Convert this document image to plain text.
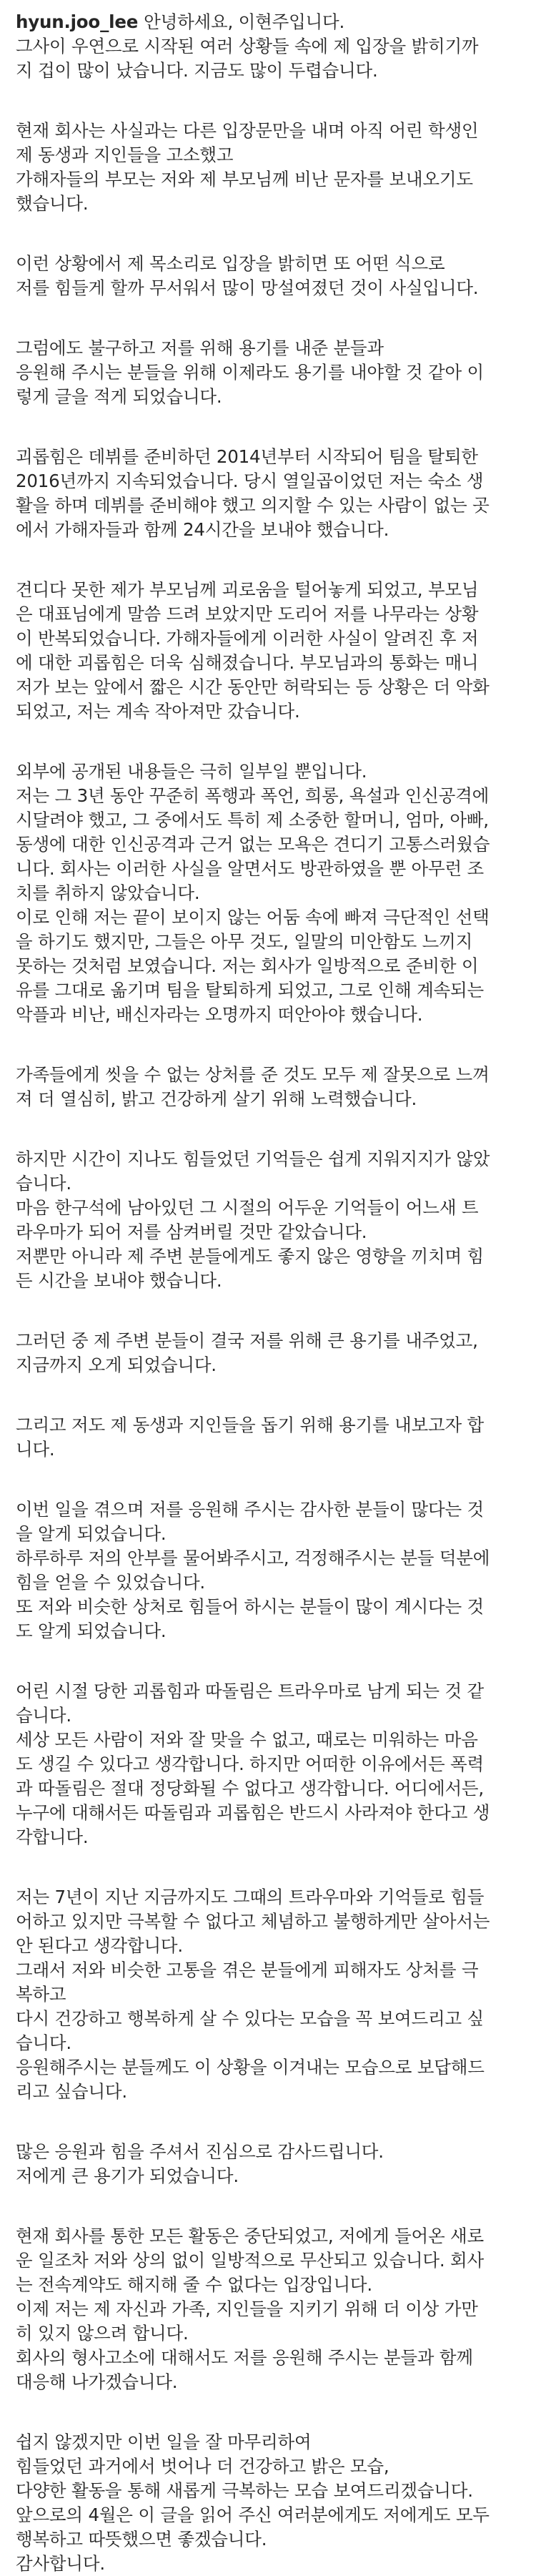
hyun.joo_lee 안녕하세요, 이현주입니다.
그사이 우연으로 시작된 여러 상황들 속에 제 입장을 밝히기까
지 겁이 많이 났습니다. 지금도 많이 두렵습니다.
현재 회사는 사실과는 다른 입장문만을 내며 아직 어린 학생인
제 동생과 지인들을 고소했고
가해자들의 부모는 저와 제 부모님께 비난 문자를 보내오기도
했습니다.
이런 상황에서 제 목소리로 입장을 밝히면 또 어떤 식으로
저를 힘들게 할까 무서워서 많이 망설여졌던 것이 사실입니다.
그럼에도 불구하고 저를 위해 용기를 내준 분들과
응원해 주시는 분들을 위해 이제라도 용기를 내야할 것 같아 이
렇게 글을 적게 되었습니다.
괴롭힘은 데뷔를 준비하던 2014년부터 시작되어 팀을 탈퇴한
2016년까지 지속되었습니다. 당시 열일곱이었던 저는 숙소 생
활을 하며 데뷔를 준비해야 했고 의지할 수 있는 사람이 없는 곳
에서 가해자들과 함께 24시간을 보내야 했습니다.
견디다 못한 제가 부모님께 괴로움을 털어놓게 되었고, 부모님
은 대표님에게 말씀 드려 보았지만 도리어 저를 나무라는 상황
이 반복되었습니다. 가해자들에게 이러한 사실이 알려진 후 저
에 대한 괴롭힘은 더욱 심해졌습니다. 부모님과의 통화는 매니
저가 보는 앞에서 짧은 시간 동안만 허락되는 등 상황은 더 악화
되었고, 저는 계속 작아져만 갔습니다.
외부에 공개된 내용들은 극히 일부일 뿐입니다.
저는 그 3년 동안 꾸준히 폭행과 폭언, 희롱, 욕설과 인신공격에
시달려야 했고, 그 중에서도 특히 제 소중한 할머니, 엄마, 아빠,
동생에 대한 인신공격과 근거 없는 모욕은 견디기 고통스러웠습
니다. 회사는 이러한 사실을 알면서도 방관하였을 뿐 아무런 조
치를 취하지 않았습니다.
이로 인해 저는 끝이 보이지 않는 어둠 속에 빠져 극단적인 선택
을 하기도 했지만, 그들은 아무 것도, 일말의 미안함도 느끼지
못하는 것처럼 보였습니다. 저는 회사가 일방적으로 준비한 이
유를 그대로 옮기며 팀을 탈퇴하게 되었고, 그로 인해 계속되는
악플과 비난, 배신자라는 오명까지 떠안아야 했습니다.
가족들에게 씻을 수 없는 상처를 준 것도 모두 제 잘못으로 느껴
져 더 열심히, 밝고 건강하게 살기 위해 노력했습니다.
하지만 시간이 지나도 힘들었던 기억들은 쉽게 지워지지가 않았
습니다.
마음 한구석에 남아있던 그 시절의 어두운 기억들이 어느새 트
라우마가 되어 저를 삼켜버릴 것만 같았습니다.
저뿐만 아니라 제 주변 분들에게도 좋지 않은 영향을 끼치며 힘
든 시간을 보내야 했습니다.
그러던 중 제 주변 분들이 결국 저를 위해 큰 용기를 내주었고,
지금까지 오게 되었습니다.
그리고 저도 제 동생과 지인들을 돕기 위해 용기를 내보고자 합
니다.
이번 일을 겪으며 저를 응원해 주시는 감사한 분들이 많다는 것
을 알게 되었습니다.
하루하루 저의 안부를 물어봐주시고, 걱정해주시는 분들 덕분에
힘을 얻을 수 있었습니다.
또 저와 비슷한 상처로 힘들어 하시는 분들이 많이 계시다는 것
도 알게 되었습니다.
어린 시절 당한 괴롭힘과 따돌림은 트라우마로 남게 되는 것 같
습니다.
세상 모든 사람이 저와 잘 맞을 수 없고, 때로는 미워하는 마음
도 생길 수 있다고 생각합니다. 하지만 어떠한 이유에서든 폭력
과 따돌림은 절대 정당화될 수 없다고 생각합니다. 어디에서든,
누구에 대해서든 따돌림과 괴롭힘은 반드시 사라져야 한다고 생
각합니다.
저는 7년이 지난 지금까지도 그때의 트라우마와 기억들로 힘들
어하고 있지만 극복할 수 없다고 체념하고 불행하게만 살아서는
안 된다고 생각합니다.
그래서 저와 비슷한 고통을 겪은 분들에게 피해자도 상처를 극
복하고
다시 건강하고 행복하게 살 수 있다는 모습을 꼭 보여드리고 싶
습니다.
응원해주시는 분들께도 이 상황을 이겨내는 모습으로 보답해드
리고 싶습니다.
많은 응원과 힘을 주셔서 진심으로 감사드립니다.
저에게 큰 용기가 되었습니다.
현재 회사를 통한 모든 활동은 중단되었고, 저에게 들어온 새로
운 일조차 저와 상의 없이 일방적으로 무산되고 있습니다. 회사
는 전속계약도 해지해 줄 수 없다는 입장입니다.
이제 저는 제 자신과 가족, 지인들을 지키기 위해 더 이상 가만
히 있지 않으려 합니다.
회사의 형사고소에 대해서도 저를 응원해 주시는 분들과 함께
대응해 나가겠습니다.
쉽지 않겠지만 이번 일을 잘 마무리하여
힘들었던 과거에서 벗어나 더 건강하고 밝은 모습,
다양한 활동을 통해 새롭게 극복하는 모습 보여드리겠습니다.
앞으로의 4월은 이 글을 읽어 주신 여러분에게도 저에게도 모두
행복하고 따뜻했으면 좋겠습니다.
감사합니다.
